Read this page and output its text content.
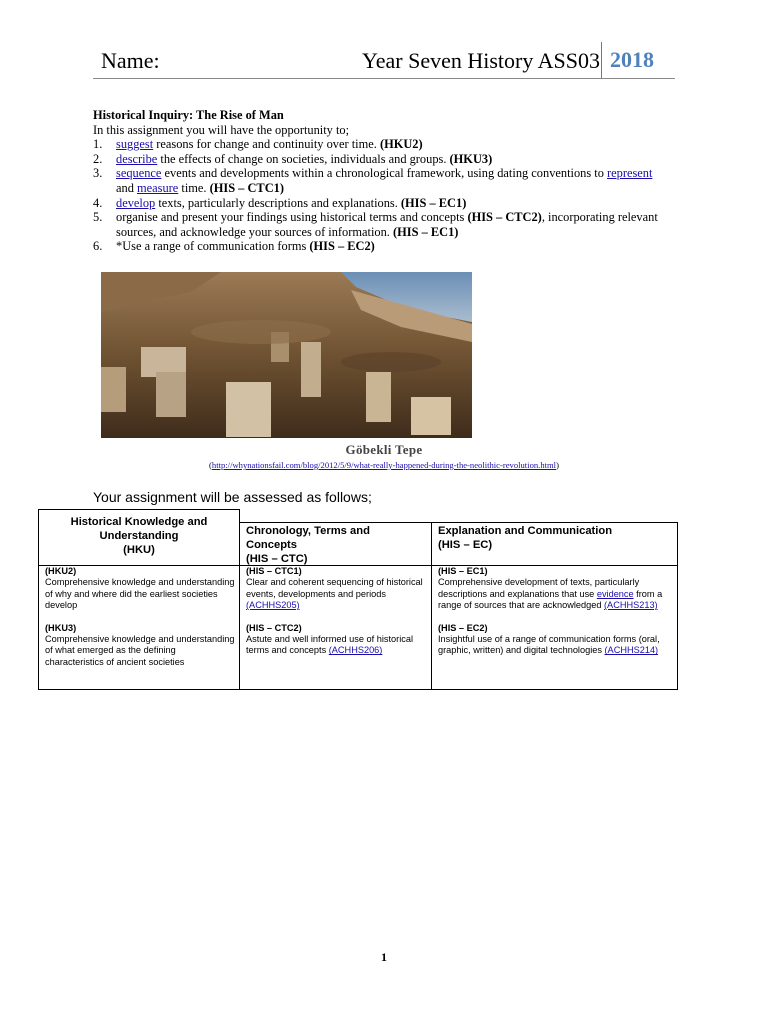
Name:	Year Seven History ASS03 2018
Historical Inquiry: The Rise of Man
In this assignment you will have the opportunity to;
1. suggest reasons for change and continuity over time. (HKU2)
2. describe the effects of change on societies, individuals and groups. (HKU3)
3. sequence events and developments within a chronological framework, using dating conventions to represent
and measure time. (HIS – CTC1)
4. develop texts, particularly descriptions and explanations. (HIS – EC1)
5. organise and present your findings using historical terms and concepts (HIS – CTC2), incorporating relevant sources, and acknowledge your sources of information. (HIS – EC1)
6. *Use a range of communication forms (HIS – EC2)
Göbekli Tepe
(http://whynationsfail.com/blog/2012/5/9/what-really-happened-during-the-neolithic-revolution.html)
Your assignment will be assessed as follows;
Historical Knowledge and
Understanding
(HKU)

(HKU2)
Comprehensive knowledge and understanding of why and where did the earliest societies develop

(HKU3)
Comprehensive knowledge and understanding of what emerged as the defining characteristics of ancient societies

Chronology, Terms and
Concepts
(HIS – CTC)

(HIS – CTC1)
Clear and coherent sequencing of historical events, developments and periods (ACHHS205)

(HIS – CTC2)
Astute and well informed use of historical terms and concepts (ACHHS206)

Explanation and Communication
(HIS – EC)

(HIS – EC1)
Comprehensive development of texts, particularly descriptions and explanations that use evidence from a range of sources that are acknowledged (ACHHS213)

(HIS – EC2)
Insightful use of a range of communication forms (oral, graphic, written) and digital technologies (ACHHS214)

1
